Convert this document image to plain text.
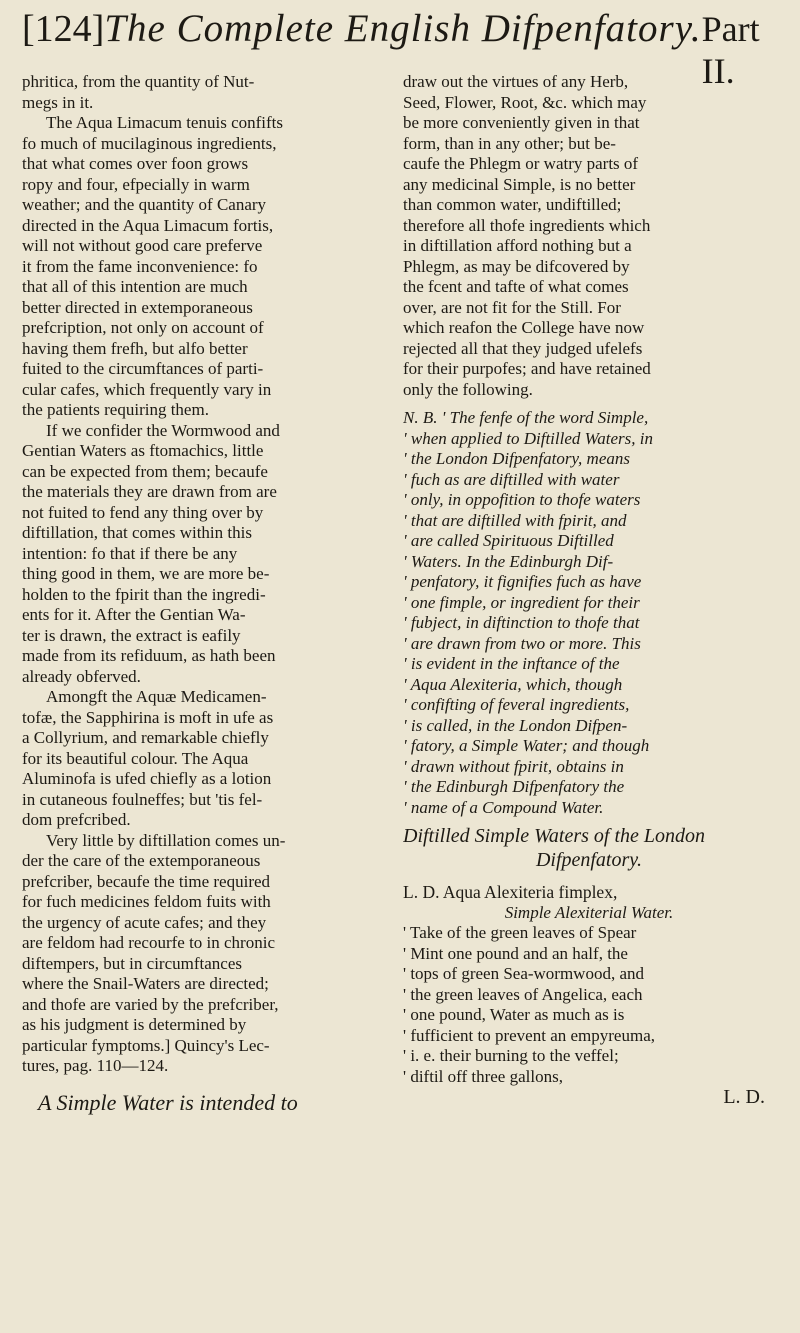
[124] The Complete English Difpenfatory. Part II.

phritica, from the quantity of Nut-
megs in it.
The Aqua Limacum tenuis confifts
fo much of mucilaginous ingredients,
that what comes over foon grows
ropy and four, efpecially in warm
weather; and the quantity of Canary
directed in the Aqua Limacum fortis,
will not without good care preferve
it from the fame inconvenience: fo
that all of this intention are much
better directed in extemporaneous
prefcription, not only on account of
having them frefh, but alfo better
fuited to the circumftances of parti-
cular cafes, which frequently vary in
the patients requiring them.
If we confider the Wormwood and
Gentian Waters as ftomachics, little
can be expected from them; becaufe
the materials they are drawn from are
not fuited to fend any thing over by
diftillation, that comes within this
intention: fo that if there be any
thing good in them, we are more be-
holden to the fpirit than the ingredi-
ents for it. After the Gentian Wa-
ter is drawn, the extract is eafily
made from its refiduum, as hath been
already obferved.
Amongft the Aquæ Medicamen-
tofæ, the Sapphirina is moft in ufe as
a Collyrium, and remarkable chiefly
for its beautiful colour. The Aqua
Aluminofa is ufed chiefly as a lotion
in cutaneous foulneffes; but 'tis fel-
dom prefcribed.
Very little by diftillation comes un-
der the care of the extemporaneous
prefcriber, becaufe the time required
for fuch medicines feldom fuits with
the urgency of acute cafes; and they
are feldom had recourfe to in chronic
diftempers, but in circumftances
where the Snail-Waters are directed;
and thofe are varied by the prefcriber,
as his judgment is determined by
particular fymptoms.] Quincy's Lec-
tures, pag. 110—124.

A Simple Water is intended to

draw out the virtues of any Herb,
Seed, Flower, Root, &c. which may
be more conveniently given in that
form, than in any other; but be-
caufe the Phlegm or watry parts of
any medicinal Simple, is no better
than common water, undiftilled;
therefore all thofe ingredients which
in diftillation afford nothing but a
Phlegm, as may be difcovered by
the fcent and tafte of what comes
over, are not fit for the Still. For
which reafon the College have now
rejected all that they judged ufelefs
for their purpofes; and have retained
only the following.

N. B. ' The fenfe of the word Simple,
' when applied to Diftilled Waters, in
' the London Difpenfatory, means
' fuch as are diftilled with water
' only, in oppofition to thofe waters
' that are diftilled with fpirit, and
' are called Spirituous Diftilled
' Waters. In the Edinburgh Dif-
' penfatory, it fignifies fuch as have
' one fimple, or ingredient for their
' fubject, in diftinction to thofe that
' are drawn from two or more. This
' is evident in the inftance of the
' Aqua Alexiteria, which, though
' confifting of feveral ingredients,
' is called, in the London Difpen-
' fatory, a Simple Water; and though
' drawn without fpirit, obtains in
' the Edinburgh Difpenfatory the
' name of a Compound Water.

Diftilled Simple Waters of the London
Difpenfatory.
L. D. Aqua Alexiteria fimplex,
Simple Alexiterial Water.

' Take of the green leaves of Spear
' Mint one pound and an half, the
' tops of green Sea-wormwood, and
' the green leaves of Angelica, each
' one pound, Water as much as is
' fufficient to prevent an empyreuma,
' i. e. their burning to the veffel;
' diftil off three gallons,

L. D.
